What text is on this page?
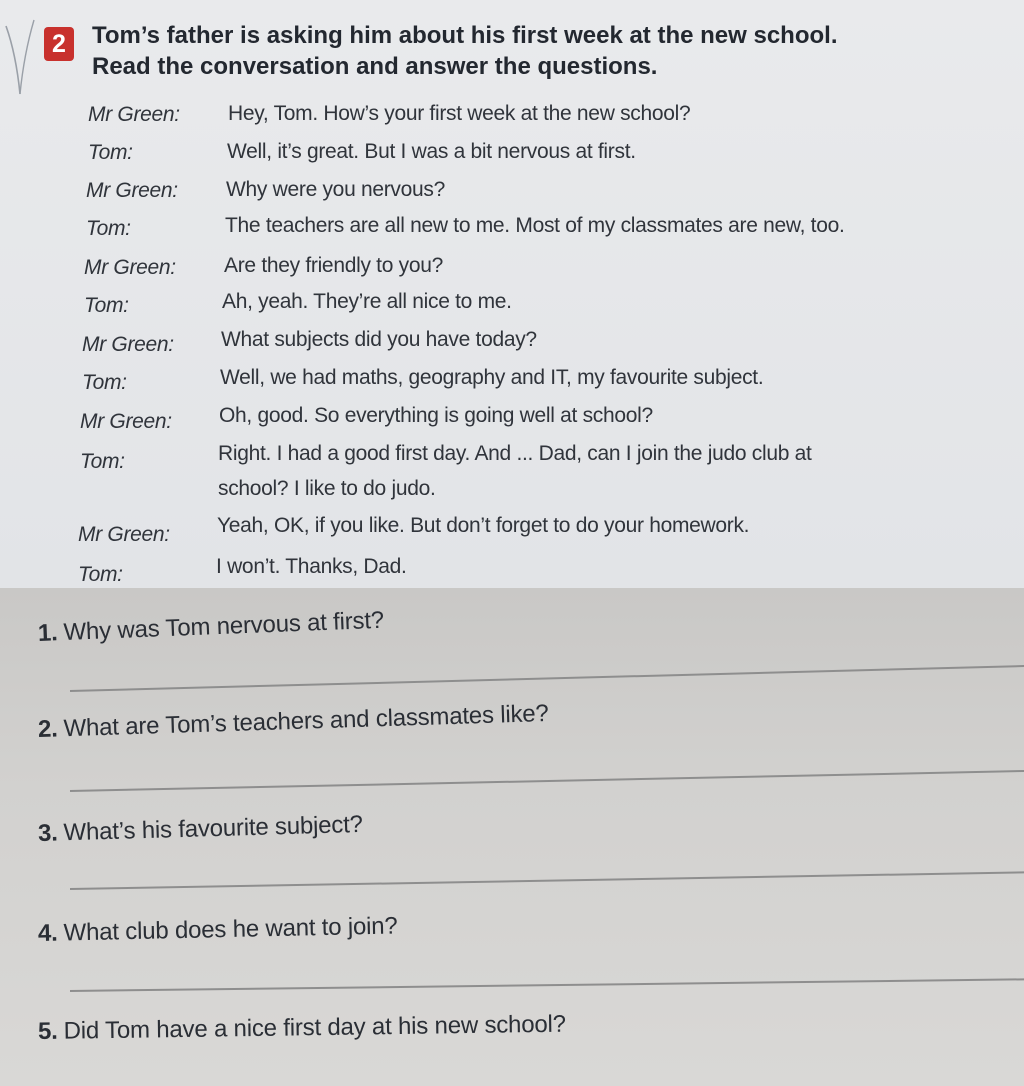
2	Tom’s father is asking him about his first week at the new school.
Read the conversation and answer the questions.
Mr Green: Hey, Tom. How’s your first week at the new school?
Tom:	Well, it’s great. But I was a bit nervous at first.
Mr Green: Why were you nervous?
Tom:	The teachers are all new to me. Most of my classmates are new, too.
Mr Green: Are they friendly to you?
Tom:	Ah, yeah. They’re all nice to me.
Mr Green: What subjects did you have today?
Tom:	Well, we had maths, geography and IT, my favourite subject.
Mr Green: Oh, good. So everything is going well at school?
Tom:	Right. I had a good first day. And ... Dad, can I join the judo club at
school? I like to do judo.
Mr Green: Yeah, OK, if you like. But don’t forget to do your homework.
Tom:	I won’t. Thanks, Dad.
1. Why was Tom nervous at first?
2. What are Tom’s teachers and classmates like?
3. What’s his favourite subject?
4. What club does he want to join?
5. Did Tom have a nice first day at his new school?
